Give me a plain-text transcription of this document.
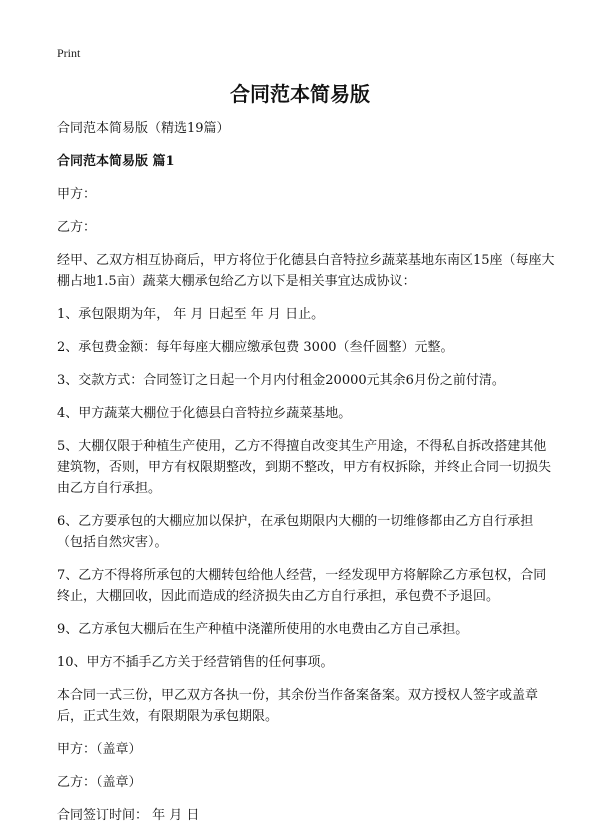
Print
合同范本简易版

合同范本简易版（精选19篇）

合同范本简易版 篇1

甲方：

乙方：

经甲、乙双方相互协商后，甲方将位于化德县白音特拉乡蔬菜基地东南区15座（每座大棚占地1.5亩）蔬菜大棚承包给乙方以下是相关事宜达成协议：

1、承包限期为年， 年 月 日起至 年 月 日止。

2、承包费金额：每年每座大棚应缴承包费 3000（叁仟圆整）元整。

3、交款方式：合同签订之日起一个月内付租金20000元其余6月份之前付清。

4、甲方蔬菜大棚位于化德县白音特拉乡蔬菜基地。

5、大棚仅限于种植生产使用，乙方不得擅自改变其生产用途，不得私自拆改搭建其他建筑物，否则，甲方有权限期整改，到期不整改，甲方有权拆除，并终止合同一切损失由乙方自行承担。

6、乙方要承包的大棚应加以保护，在承包期限内大棚的一切维修都由乙方自行承担（包括自然灾害）。

7、乙方不得将所承包的大棚转包给他人经营，一经发现甲方将解除乙方承包权，合同终止，大棚回收，因此而造成的经济损失由乙方自行承担，承包费不予退回。

9、乙方承包大棚后在生产种植中浇灌所使用的水电费由乙方自己承担。

10、甲方不插手乙方关于经营销售的任何事项。

本合同一式三份，甲乙双方各执一份，其余份当作备案备案。双方授权人签字或盖章后，正式生效，有限期限为承包期限。

甲方：（盖章）

乙方：（盖章）

合同签订时间： 年 月 日
